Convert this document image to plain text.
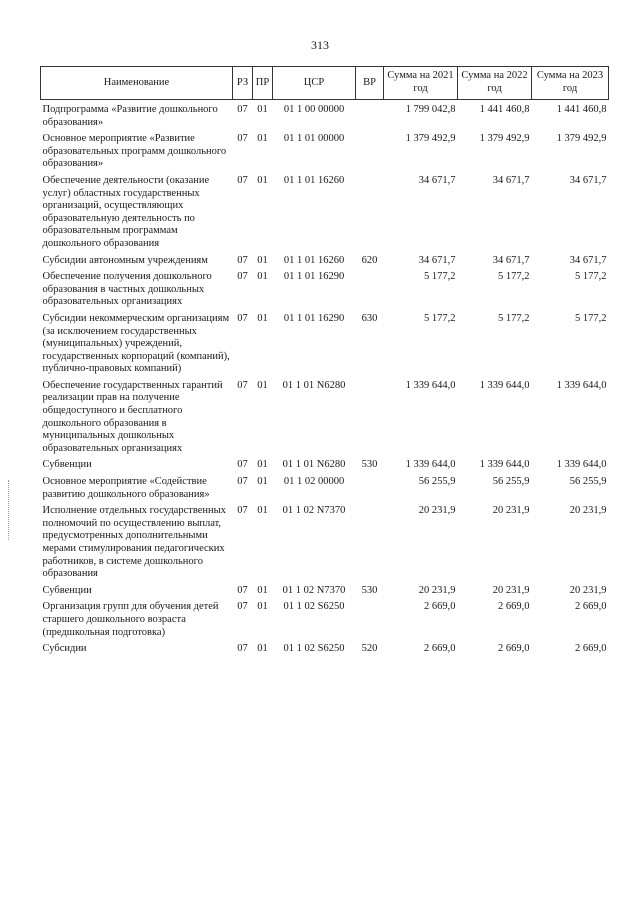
313
Наименование	РЗ	ПР	ЦСР	ВР	Сумма на 2021 год	Сумма на 2022 год	Сумма на 2023 год
Подпрограмма «Развитие дошкольного образования»	07	01	01 1 00 00000		1 799 042,8	1 441 460,8	1 441 460,8
Основное мероприятие «Развитие образовательных программ дошкольного образования»	07	01	01 1 01 00000		1 379 492,9	1 379 492,9	1 379 492,9
Обеспечение деятельности (оказание услуг) областных государственных организаций, осуществляющих образовательную деятельность по образовательным программам дошкольного образования	07	01	01 1 01 16260		34 671,7	34 671,7	34 671,7
Субсидии автономным учреждениям	07	01	01 1 01 16260	620	34 671,7	34 671,7	34 671,7
Обеспечение получения дошкольного образования в частных дошкольных образовательных организациях	07	01	01 1 01 16290		5 177,2	5 177,2	5 177,2
Субсидии некоммерческим организациям (за исключением государственных (муниципальных) учреждений, государственных корпораций (компаний), публично-правовых компаний)	07	01	01 1 01 16290	630	5 177,2	5 177,2	5 177,2
Обеспечение государственных гарантий реализации прав на получение общедоступного и бесплатного дошкольного образования в муниципальных дошкольных образовательных организациях	07	01	01 1 01 N6280		1 339 644,0	1 339 644,0	1 339 644,0
Субвенции	07	01	01 1 01 N6280	530	1 339 644,0	1 339 644,0	1 339 644,0
Основное мероприятие «Содействие развитию дошкольного образования»	07	01	01 1 02 00000		56 255,9	56 255,9	56 255,9
Исполнение отдельных государственных полномочий по осуществлению выплат, предусмотренных дополнительными мерами стимулирования педагогических работников, в системе дошкольного образования	07	01	01 1 02 N7370		20 231,9	20 231,9	20 231,9
Субвенции	07	01	01 1 02 N7370	530	20 231,9	20 231,9	20 231,9
Организация групп для обучения детей старшего дошкольного возраста (предшкольная подготовка)	07	01	01 1 02 S6250		2 669,0	2 669,0	2 669,0
Субсидии	07	01	01 1 02 S6250	520	2 669,0	2 669,0	2 669,0
